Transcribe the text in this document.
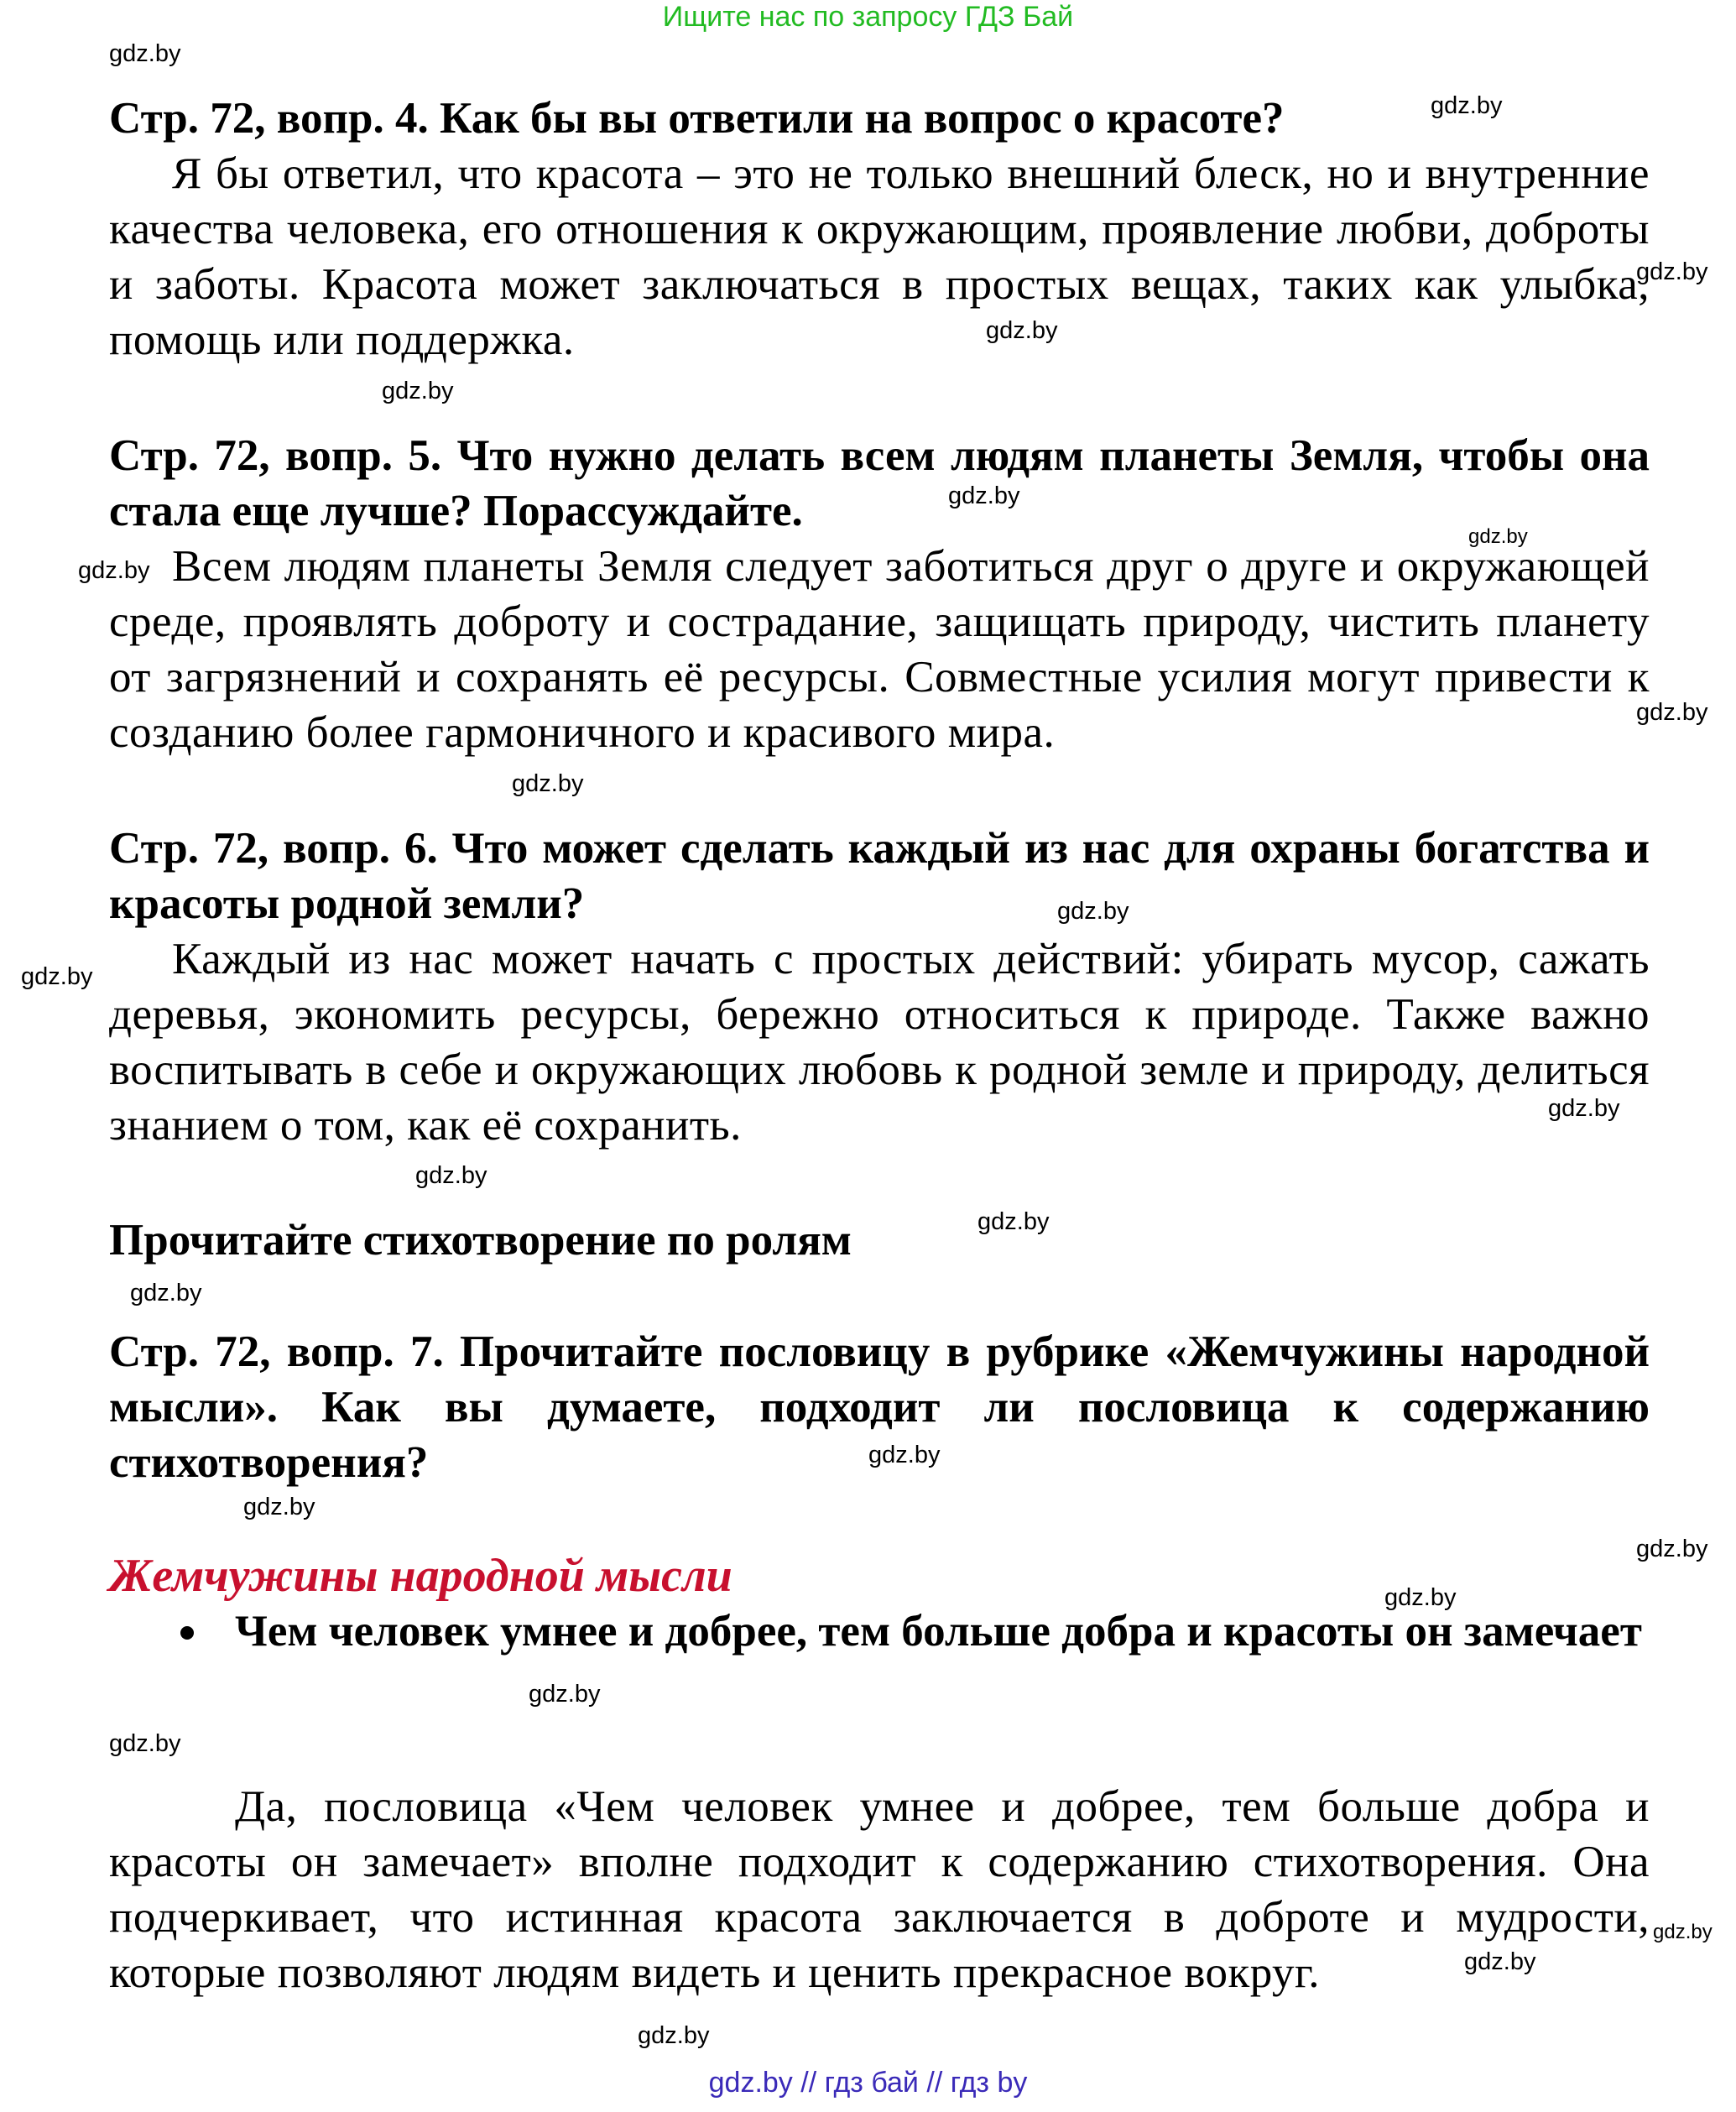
Ищите нас по запросу ГДЗ Бай

Стр. 72, вопр. 4. Как бы вы ответили на вопрос о красоте?

Я бы ответил, что красота – это не только внешний блеск, но и внутренние качества человека, его отношения к окружающим, проявление любви, доброты и заботы. Красота может заключаться в простых вещах, таких как улыбка, помощь или поддержка.

Стр. 72, вопр. 5. Что нужно делать всем людям планеты Земля, чтобы она стала еще лучше? Порассуждайте.

Всем людям планеты Земля следует заботиться друг о друге и окружающей среде, проявлять доброту и сострадание, защищать природу, чистить планету от загрязнений и сохранять её ресурсы. Совместные усилия могут привести к созданию более гармоничного и красивого мира.

Стр. 72, вопр. 6. Что может сделать каждый из нас для охраны богатства и красоты родной земли?

Каждый из нас может начать с простых действий: убирать мусор, сажать деревья, экономить ресурсы, бережно относиться к природе. Также важно воспитывать в себе и окружающих любовь к родной земле и природу, делиться знанием о том, как её сохранить.

Прочитайте стихотворение по ролям

Стр. 72, вопр. 7. Прочитайте пословицу в рубрике «Жемчужины народной мысли». Как вы думаете, подходит ли пословица к содержанию стихотворения?

Жемчужины народной мысли

Чем человек умнее и добрее, тем больше добра и красоты он замечает

Да, пословица «Чем человек умнее и добрее, тем больше добра и красоты он замечает» вполне подходит к содержанию стихотворения. Она подчеркивает, что истинная красота заключается в доброте и мудрости, которые позволяют людям видеть и ценить прекрасное вокруг.

gdz.by
gdz.by
gdz.by
gdz.by
gdz.by
gdz.by
gdz.by
gdz.by
gdz.by
gdz.by
gdz.by
gdz.by
gdz.by
gdz.by
gdz.by
gdz.by
gdz.by
gdz.by
gdz.by
gdz.by
gdz.by
gdz.by
gdz.by
gdz.by
gdz.by
gdz.by // гдз бай // гдз by
